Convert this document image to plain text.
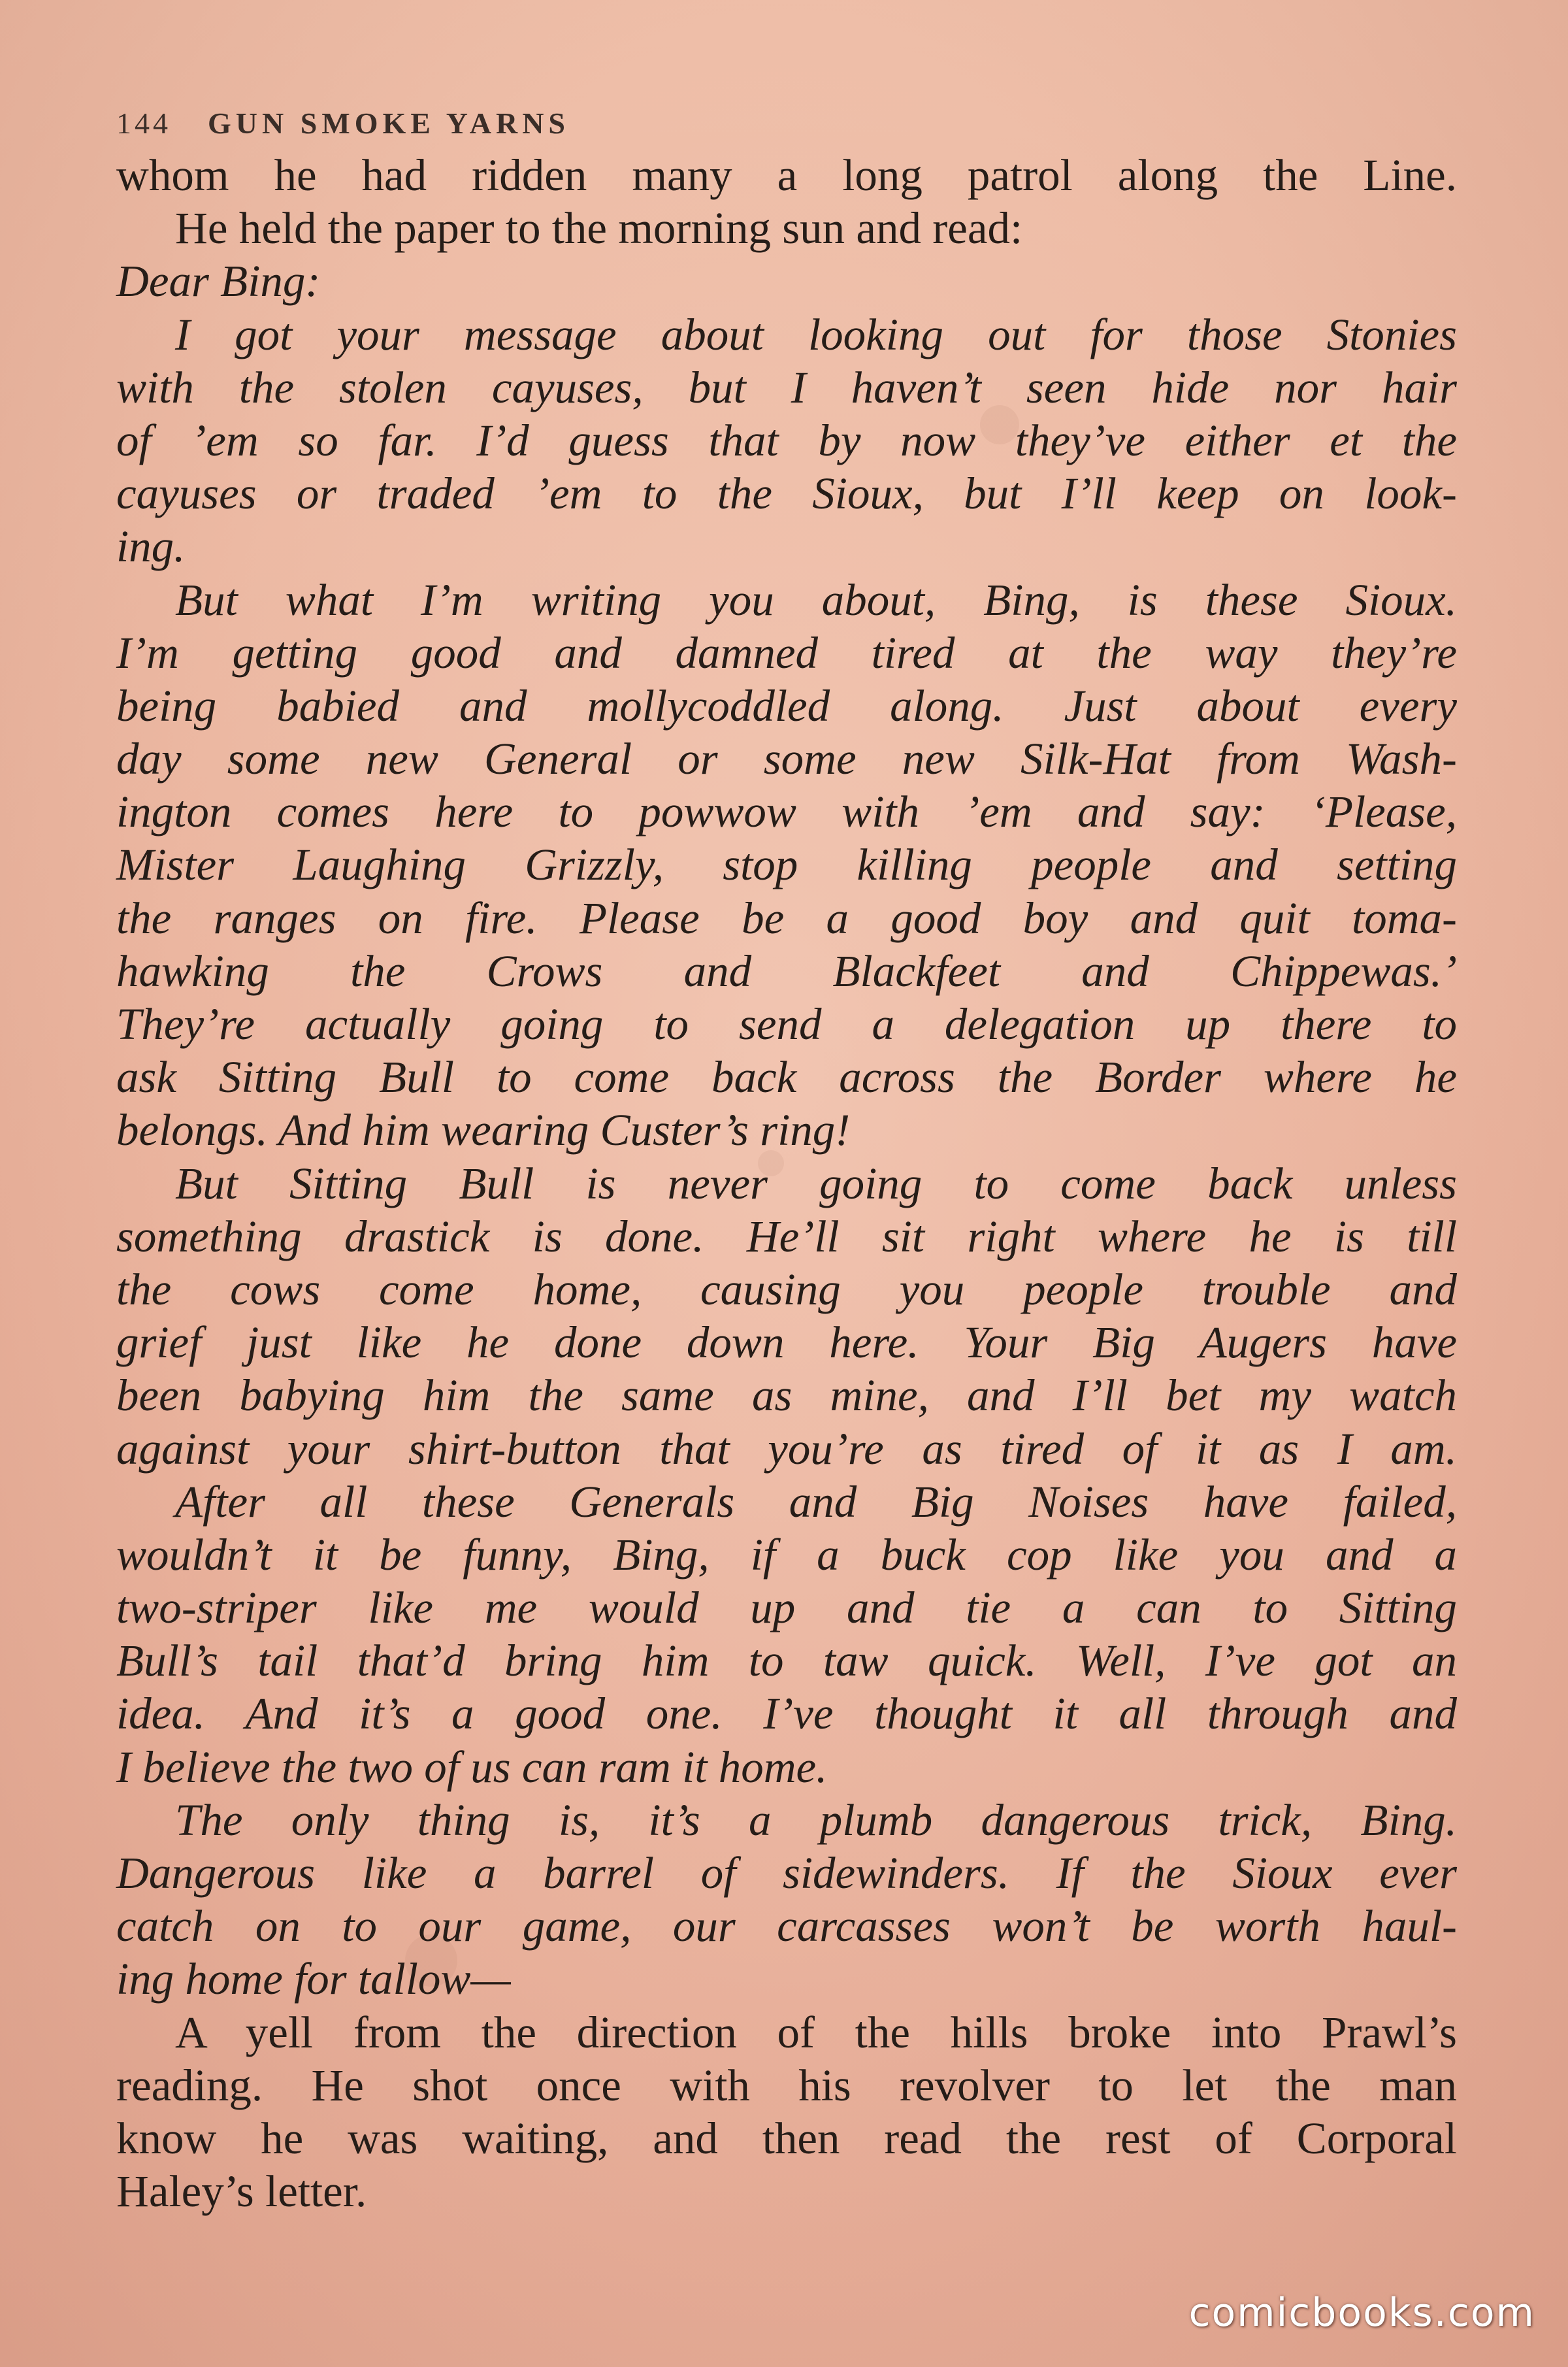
144 GUN SMOKE YARNS
whom he had ridden many a long patrol along the Line.
He held the paper to the morning sun and read:
Dear Bing:
I got your message about looking out for those Stonies
with the stolen cayuses, but I haven’t seen hide nor hair
of ’em so far. I’d guess that by now they’ve either et the
cayuses or traded ’em to the Sioux, but I’ll keep on look-
ing.
But what I’m writing you about, Bing, is these Sioux.
I’m getting good and damned tired at the way they’re
being babied and mollycoddled along. Just about every
day some new General or some new Silk-Hat from Wash-
ington comes here to powwow with ’em and say: ‘Please,
Mister Laughing Grizzly, stop killing people and setting
the ranges on fire. Please be a good boy and quit toma-
hawking the Crows and Blackfeet and Chippewas.’
They’re actually going to send a delegation up there to
ask Sitting Bull to come back across the Border where he
belongs. And him wearing Custer’s ring!
But Sitting Bull is never going to come back unless
something drastick is done. He’ll sit right where he is till
the cows come home, causing you people trouble and
grief just like he done down here. Your Big Augers have
been babying him the same as mine, and I’ll bet my watch
against your shirt-button that you’re as tired of it as I am.
After all these Generals and Big Noises have failed,
wouldn’t it be funny, Bing, if a buck cop like you and a
two-striper like me would up and tie a can to Sitting
Bull’s tail that’d bring him to taw quick. Well, I’ve got an
idea. And it’s a good one. I’ve thought it all through and
I believe the two of us can ram it home.
The only thing is, it’s a plumb dangerous trick, Bing.
Dangerous like a barrel of sidewinders. If the Sioux ever
catch on to our game, our carcasses won’t be worth haul-
ing home for tallow—
A yell from the direction of the hills broke into Prawl’s
reading. He shot once with his revolver to let the man
know he was waiting, and then read the rest of Corporal
Haley’s letter.
comicbooks.com
